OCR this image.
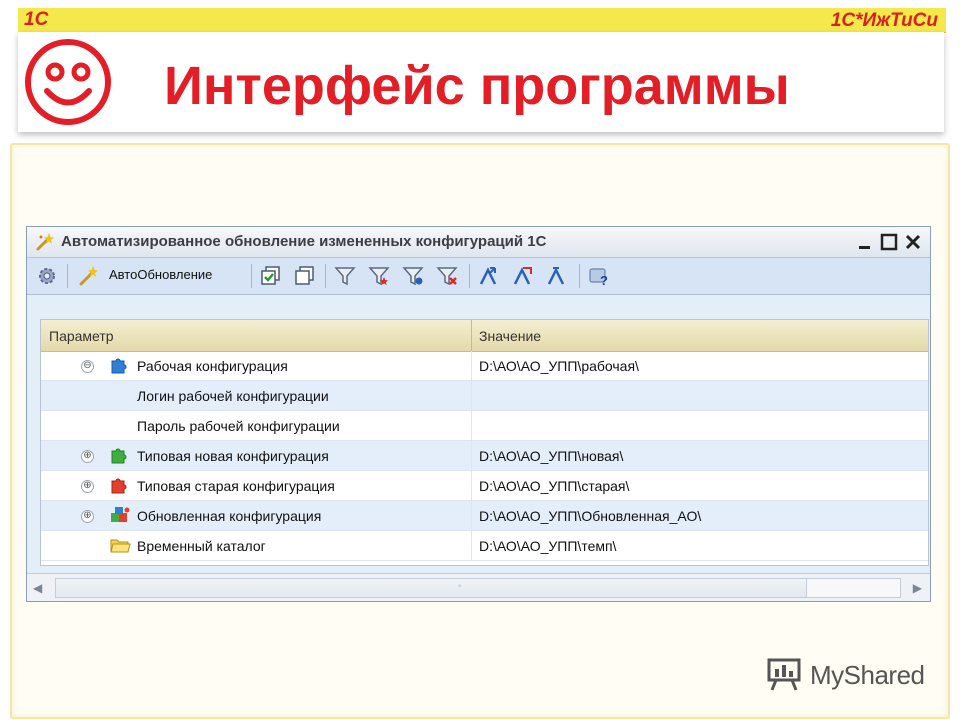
1С	1С*ИжТиСи
Интерфейс программы
Автоматизированное обновление измененных конфигураций 1С
АвтоОбновление	?
Параметр	Значение
⊖	Рабочая конфигурация	D:\АО\АО_УПП\рабочая\
Логин рабочей конфигурации
Пароль рабочей конфигурации
⊕	Типовая новая конфигурация	D:\АО\АО_УПП\новая\
⊕	Типовая старая конфигурация	D:\АО\АО_УПП\старая\
⊕	Обновленная конфигурация	D:\АО\АО_УПП\Обновленная_АО\
Временный каталог	D:\АО\АО_УПП\темп\
◀	◦	▶
MyShared
